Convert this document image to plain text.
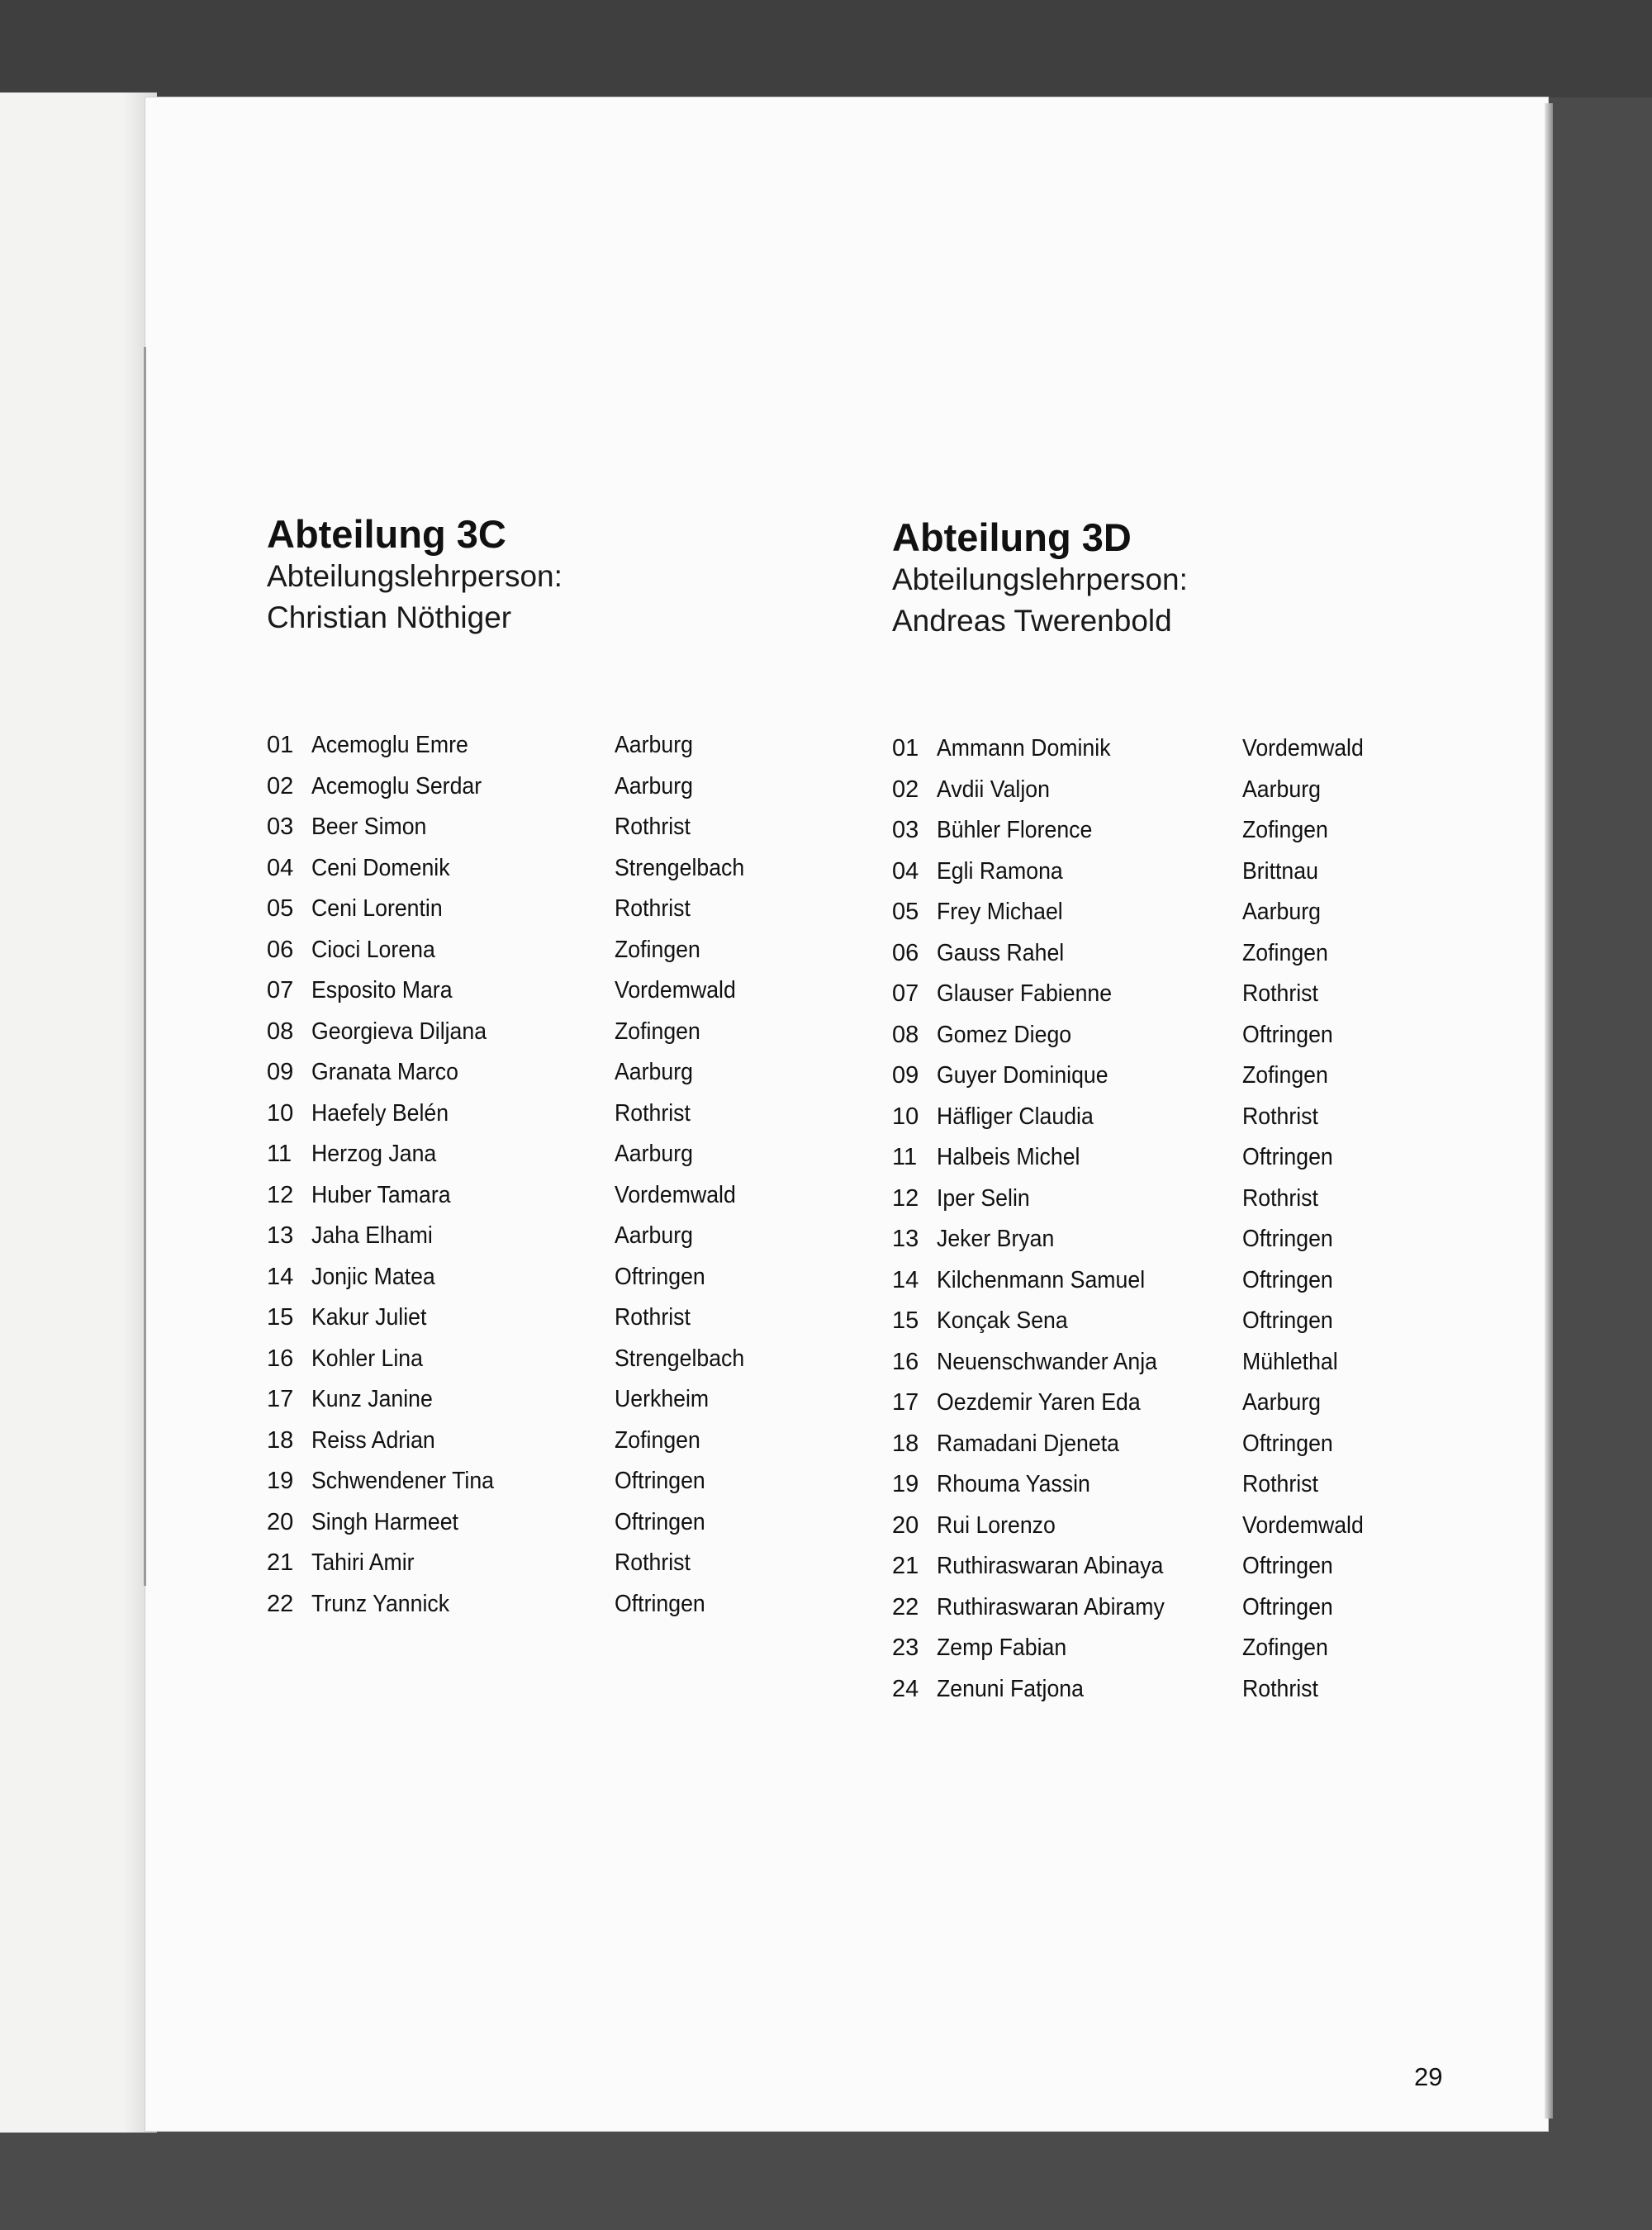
Abteilung 3C
Abteilungslehrperson:
Christian Nöthiger
01 Acemoglu Emre	Aarburg
02 Acemoglu Serdar	Aarburg
03 Beer Simon	Rothrist
04 Ceni Domenik	Strengelbach
05 Ceni Lorentin	Rothrist
06 Cioci Lorena	Zofingen
07 Esposito Mara	Vordemwald
08 Georgieva Diljana	Zofingen
09 Granata Marco	Aarburg
10 Haefely Belén	Rothrist
11 Herzog Jana	Aarburg
12 Huber Tamara	Vordemwald
13 Jaha Elhami	Aarburg
14 Jonjic Matea	Oftringen
15 Kakur Juliet	Rothrist
16 Kohler Lina	Strengelbach
17 Kunz Janine	Uerkheim
18 Reiss Adrian	Zofingen
19 Schwendener Tina	Oftringen
20 Singh Harmeet	Oftringen
21 Tahiri Amir	Rothrist
22 Trunz Yannick	Oftringen
Abteilung 3D
Abteilungslehrperson:
Andreas Twerenbold
01 Ammann Dominik	Vordemwald
02 Avdii Valjon	Aarburg
03 Bühler Florence	Zofingen
04 Egli Ramona	Brittnau
05 Frey Michael	Aarburg
06 Gauss Rahel	Zofingen
07 Glauser Fabienne	Rothrist
08 Gomez Diego	Oftringen
09 Guyer Dominique	Zofingen
10 Häfliger Claudia	Rothrist
11 Halbeis Michel	Oftringen
12 Iper Selin	Rothrist
13 Jeker Bryan	Oftringen
14 Kilchenmann Samuel	Oftringen
15 Konçak Sena	Oftringen
16 Neuenschwander Anja	Mühlethal
17 Oezdemir Yaren Eda	Aarburg
18 Ramadani Djeneta	Oftringen
19 Rhouma Yassin	Rothrist
20 Rui Lorenzo	Vordemwald
21 Ruthiraswaran Abinaya	Oftringen
22 Ruthiraswaran Abiramy	Oftringen
23 Zemp Fabian	Zofingen
24 Zenuni Fatjona	Rothrist
29
